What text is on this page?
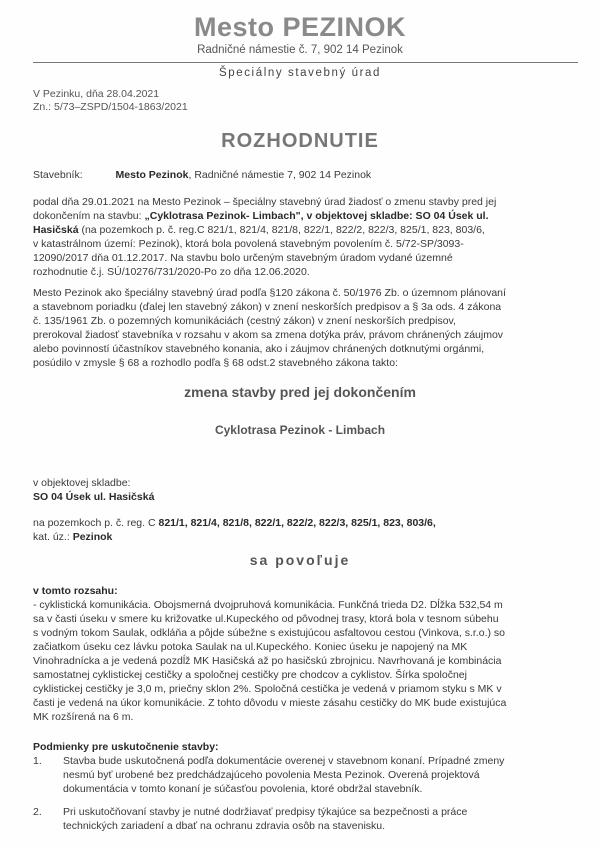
Mesto PEZINOK
Radničné námestie č. 7, 902 14 Pezinok
Špeciálny stavebný úrad
V Pezinku, dňa 28.04.2021
Zn.: 5/73–ZSPD/1504-1863/2021
ROZHODNUTIE
Stavebník:	Mesto Pezinok, Radničné námestie 7, 902 14 Pezinok
podal dňa 29.01.2021 na Mesto Pezinok – špeciálny stavebný úrad žiadosť o zmenu stavby pred jej
dokončením na stavbu: „Cyklotrasa Pezinok- Limbach", v objektovej skladbe: SO 04 Úsek ul.
Hasičská (na pozemkoch p. č. reg.C 821/1, 821/4, 821/8, 822/1, 822/2, 822/3, 825/1, 823, 803/6,
v katastrálnom území: Pezinok), ktorá bola povolená stavebným povolením č. 5/72-SP/3093-
12090/2017 dňa 01.12.2017. Na stavbu bolo určeným stavebným úradom vydané územné
rozhodnutie č.j. SÚ/10276/731/2020-Po zo dňa 12.06.2020.
Mesto Pezinok ako špeciálny stavebný úrad podľa §120 zákona č. 50/1976 Zb. o územnom plánovaní
a stavebnom poriadku (ďalej len stavebný zákon) v znení neskorších predpisov a § 3a ods. 4 zákona
č. 135/1961 Zb. o pozemných komunikáciách (cestný zákon) v znení neskorších predpisov,
prerokoval žiadosť stavebníka v rozsahu v akom sa zmena dotýka práv, právom chránených záujmov
alebo povinností účastníkov stavebného konania, ako i záujmov chránených dotknutými orgánmi,
posúdilo v zmysle § 68 a rozhodlo podľa § 68 odst.2 stavebného zákona takto:
zmena stavby pred jej dokončením
Cyklotrasa Pezinok - Limbach
v objektovej skladbe:
SO 04 Úsek ul. Hasičská
na pozemkoch p. č. reg. C 821/1, 821/4, 821/8, 822/1, 822/2, 822/3, 825/1, 823, 803/6,
kat. úz.: Pezinok
sa povoľuje
v tomto rozsahu:
- cyklistická komunikácia. Obojsmerná dvojpruhová komunikácia. Funkčná trieda D2. Dĺžka 532,54 m
sa v časti úseku v smere ku križovatke ul.Kupeckého od pôvodnej trasy, ktorá bola v tesnom súbehu
s vodným tokom Saulak, odkláňa a pôjde súbežne s existujúcou asfaltovou cestou (Vinkova, s.r.o.) so
začiatkom úseku cez lávku potoka Saulak na ul.Kupeckého. Koniec úseku je napojený na MK
Vinohradnícka a je vedená pozdĺž MK Hasičská až po hasičskú zbrojnicu. Navrhovaná je kombinácia
samostatnej cyklistickej cestičky a spoločnej cestičky pre chodcov a cyklistov. Šírka spoločnej
cyklistickej cestičky je 3,0 m, priečny sklon 2%. Spoločná cestička je vedená v priamom styku s MK v
časti je vedená na úkor komunikácie. Z tohto dôvodu v mieste zásahu cestičky do MK bude existujúca
MK rozšírená na 6 m.
Podmienky pre uskutočnenie stavby:
1. Stavba bude uskutočnená podľa dokumentácie overenej v stavebnom konaní. Prípadné zmeny
nesmú byť urobené bez predchádzajúceho povolenia Mesta Pezinok. Overená projektová
dokumentácia v tomto konaní je súčasťou povolenia, ktoré obdržal stavebník.
2. Pri uskutočňovaní stavby je nutné dodržiavať predpisy týkajúce sa bezpečnosti a práce
technických zariadení a dbať na ochranu zdravia osôb na stavenisku.
